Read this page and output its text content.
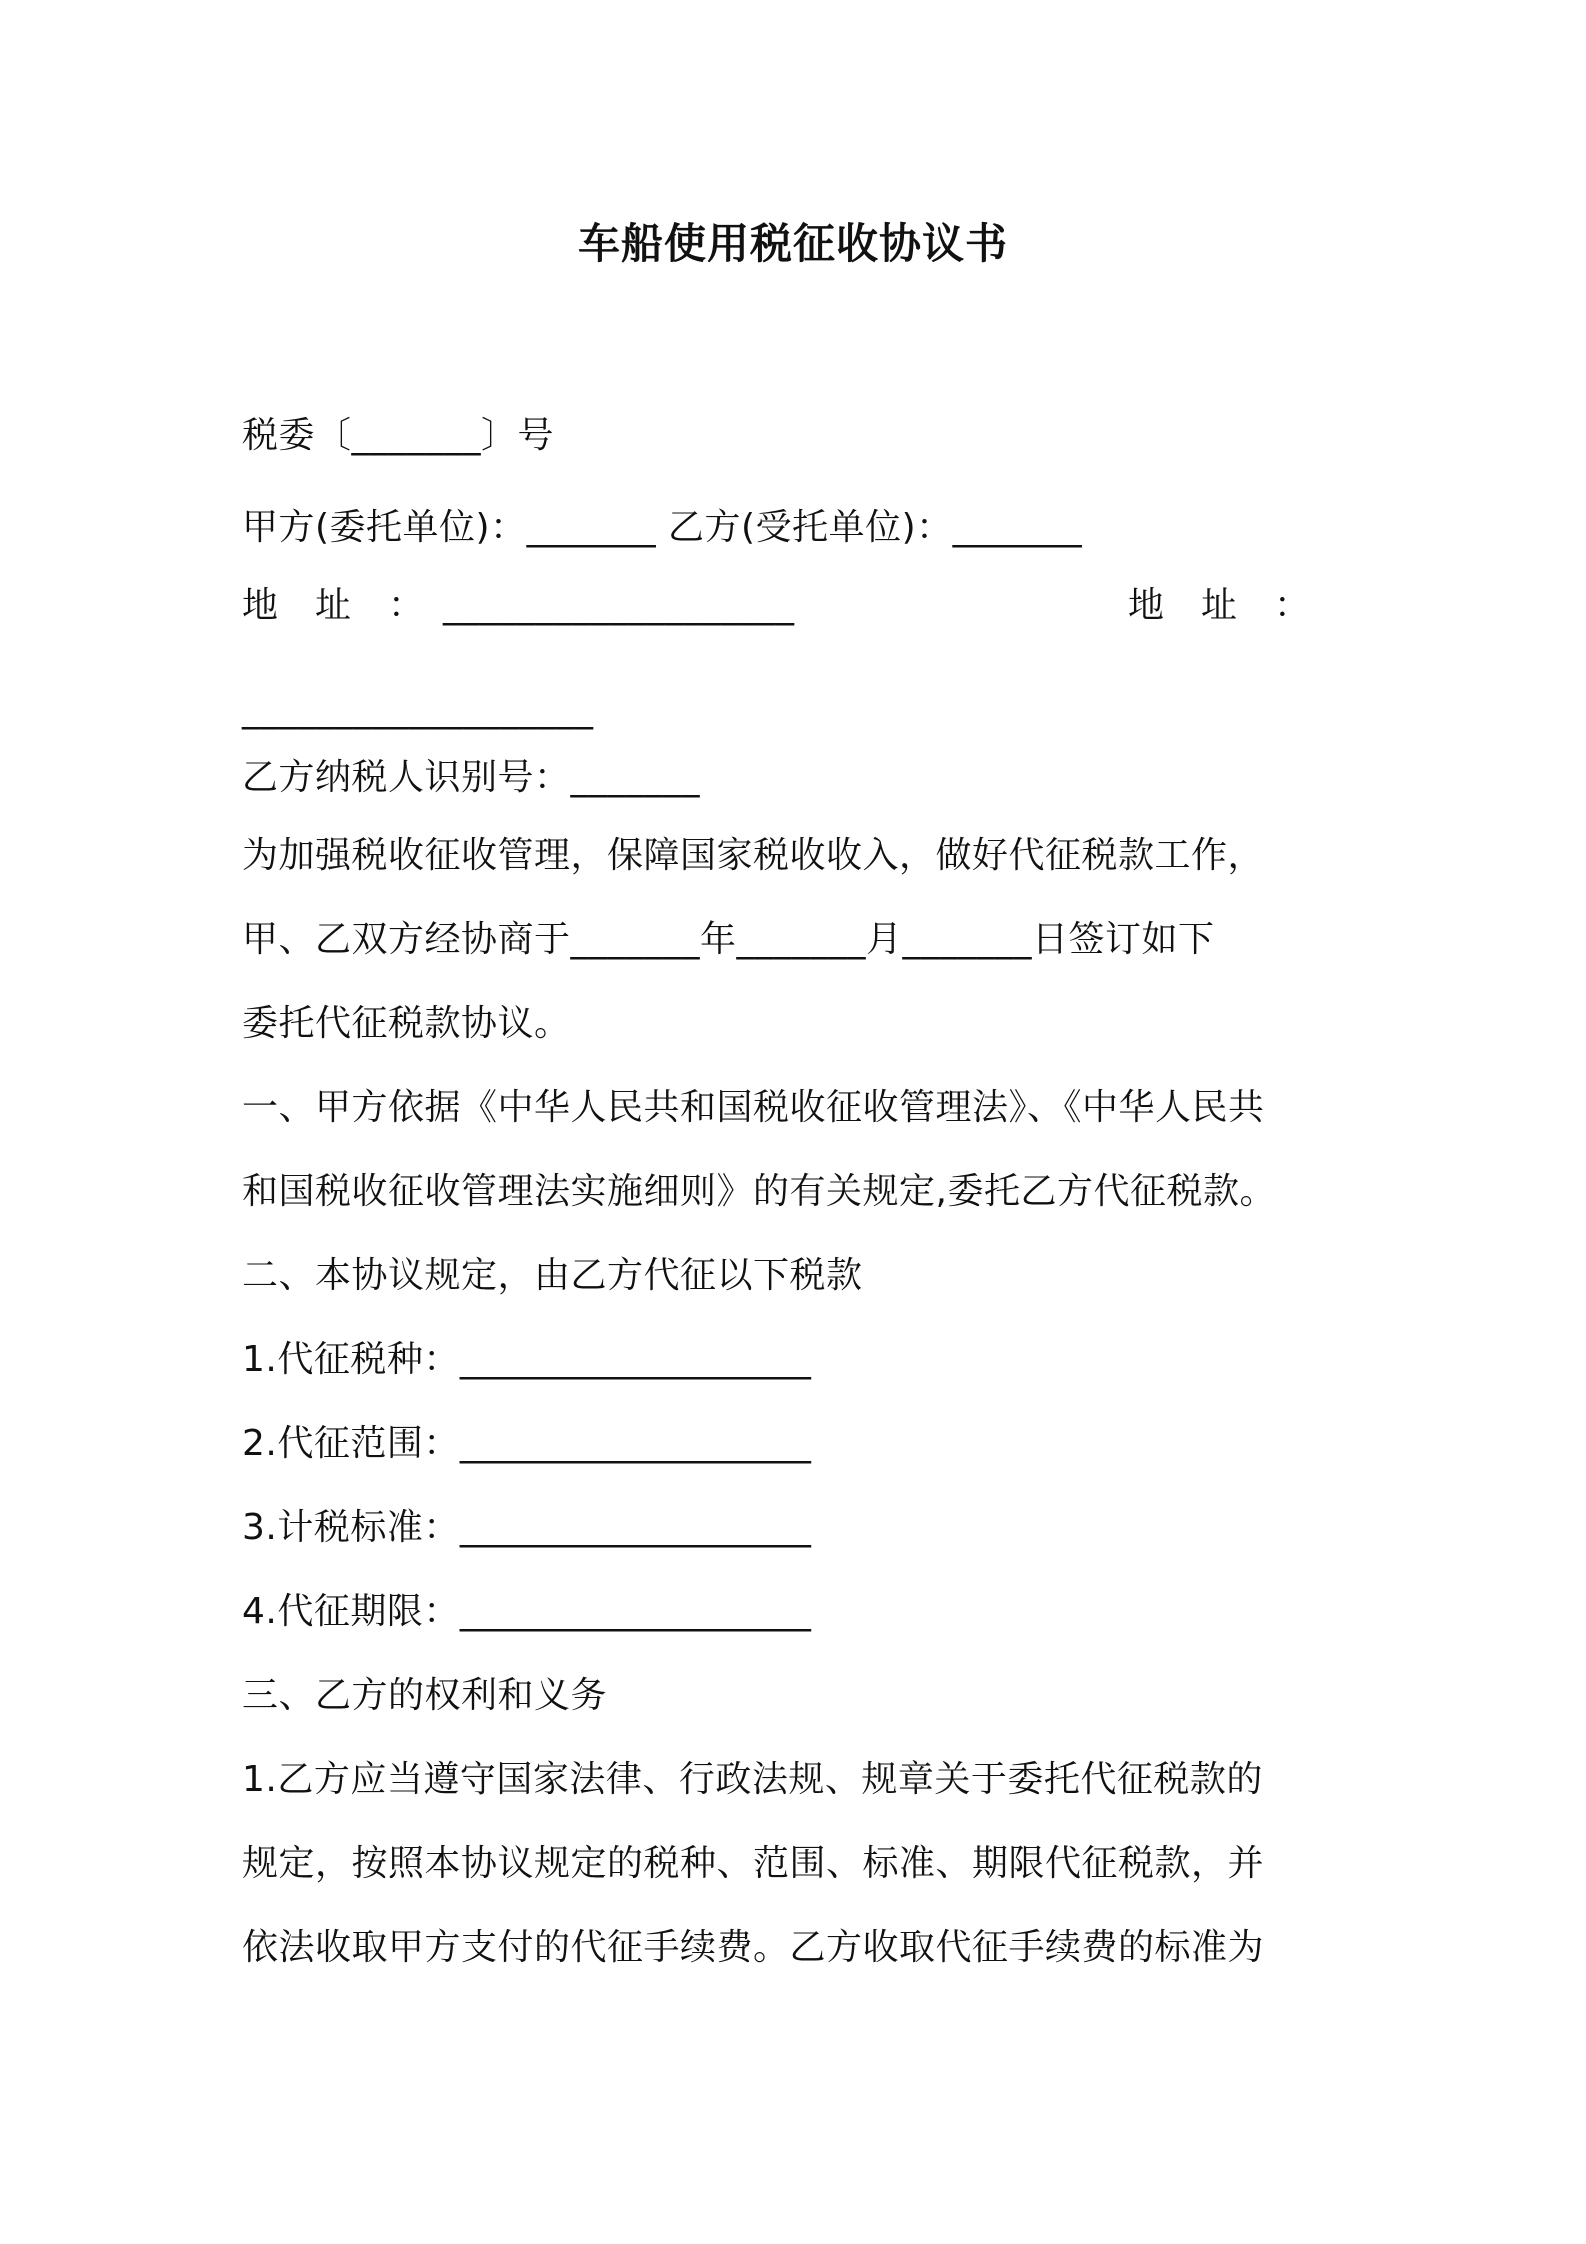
车船使用税征收协议书
税委〔_______〕号
甲方(委托单位)：_______ 乙方(受托单位)：_______
地　址　：　___________________	地　址　：
___________________
乙方纳税人识别号：_______
为加强税收征收管理，保障国家税收收入，做好代征税款工作，
甲、乙双方经协商于_______年_______月_______日签订如下
委托代征税款协议。
一、甲方依据《中华人民共和国税收征收管理法》、《中华人民共
和国税收征收管理法实施细则》的有关规定,委托乙方代征税款。
二、本协议规定，由乙方代征以下税款
1.代征税种：___________________
2.代征范围：___________________
3.计税标准：___________________
4.代征期限：___________________
三、乙方的权利和义务
1.乙方应当遵守国家法律、行政法规、规章关于委托代征税款的
规定，按照本协议规定的税种、范围、标准、期限代征税款，并
依法收取甲方支付的代征手续费。乙方收取代征手续费的标准为
